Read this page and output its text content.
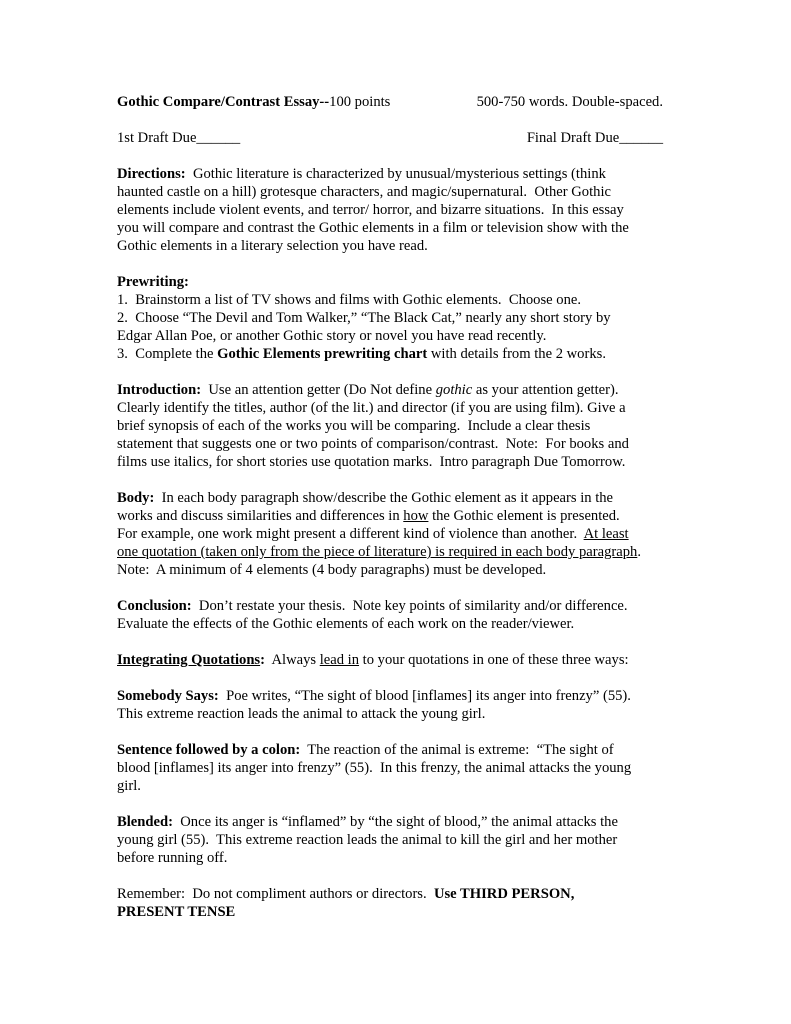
Gothic Compare/Contrast Essay--100 points	500-750 words. Double-spaced.
1st Draft Due______	Final Draft Due______
Directions:  Gothic literature is characterized by unusual/mysterious settings (think
haunted castle on a hill) grotesque characters, and magic/supernatural.  Other Gothic
elements include violent events, and terror/ horror, and bizarre situations.  In this essay
you will compare and contrast the Gothic elements in a film or television show with the
Gothic elements in a literary selection you have read.
Prewriting:
1.  Brainstorm a list of TV shows and films with Gothic elements.  Choose one.
2.  Choose “The Devil and Tom Walker,” “The Black Cat,” nearly any short story by
Edgar Allan Poe, or another Gothic story or novel you have read recently.
3.  Complete the Gothic Elements prewriting chart with details from the 2 works.
Introduction:  Use an attention getter (Do Not define gothic as your attention getter).
Clearly identify the titles, author (of the lit.) and director (if you are using film). Give a
brief synopsis of each of the works you will be comparing.  Include a clear thesis
statement that suggests one or two points of comparison/contrast.  Note:  For books and
films use italics, for short stories use quotation marks.  Intro paragraph Due Tomorrow.
Body:  In each body paragraph show/describe the Gothic element as it appears in the
works and discuss similarities and differences in how the Gothic element is presented.
For example, one work might present a different kind of violence than another.  At least
one quotation (taken only from the piece of literature) is required in each body paragraph.
Note:  A minimum of 4 elements (4 body paragraphs) must be developed.
Conclusion:  Don’t restate your thesis.  Note key points of similarity and/or difference.
Evaluate the effects of the Gothic elements of each work on the reader/viewer.
Integrating Quotations:  Always lead in to your quotations in one of these three ways:
Somebody Says:  Poe writes, “The sight of blood [inflames] its anger into frenzy” (55).
This extreme reaction leads the animal to attack the young girl.
Sentence followed by a colon:  The reaction of the animal is extreme:  “The sight of
blood [inflames] its anger into frenzy” (55).  In this frenzy, the animal attacks the young
girl.
Blended:  Once its anger is “inflamed” by “the sight of blood,” the animal attacks the
young girl (55).  This extreme reaction leads the animal to kill the girl and her mother
before running off.
Remember:  Do not compliment authors or directors.  Use THIRD PERSON,
PRESENT TENSE
